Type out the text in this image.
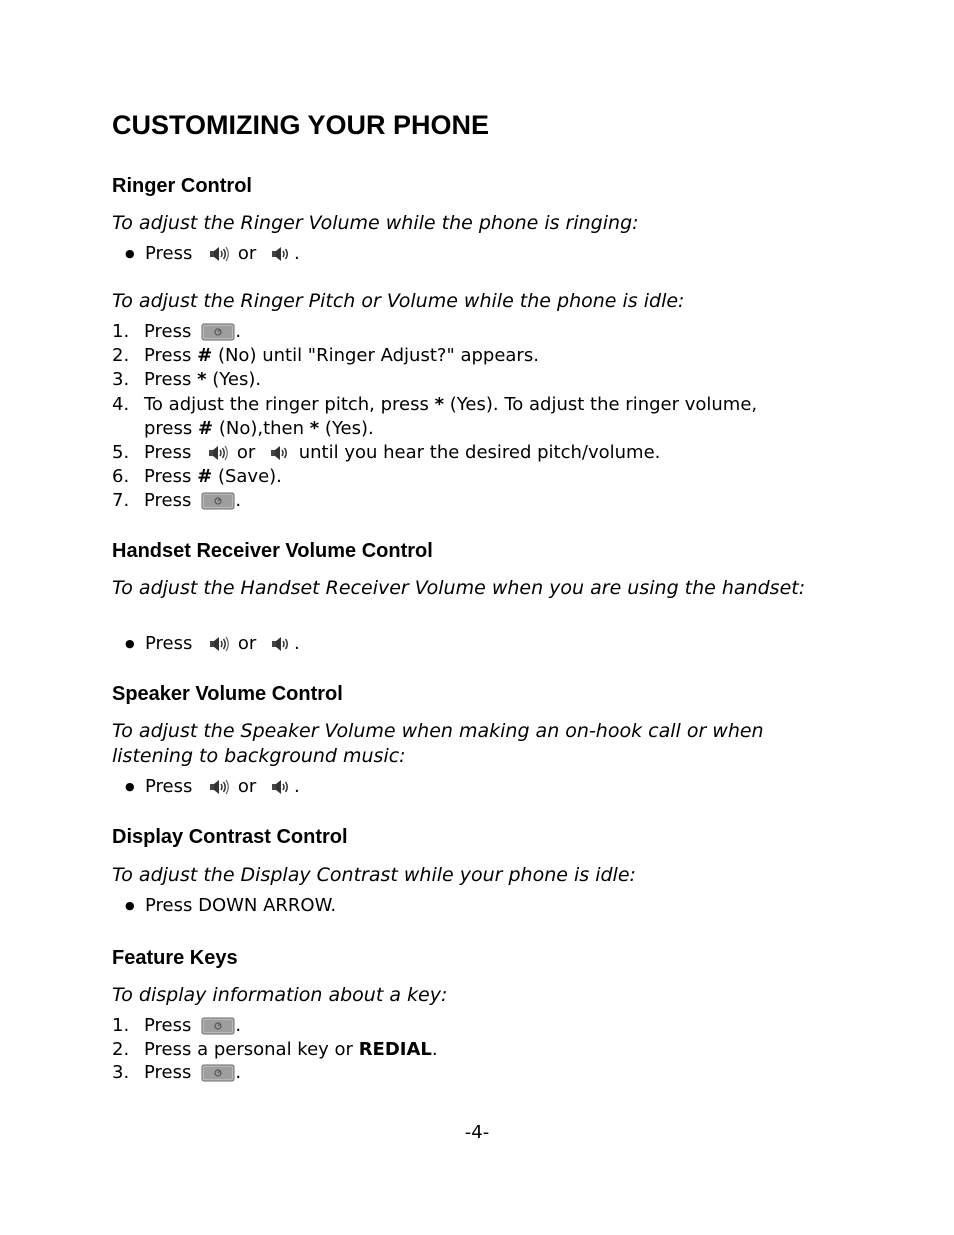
CUSTOMIZING YOUR PHONE
Ringer Control

To adjust the Ringer Volume while the phone is ringing:

● Press	or .

To adjust the Ringer Pitch or Volume while the phone is idle:

1. Press .
2. Press # (No) until "Ringer Adjust?" appears.
3. Press * (Yes).
4. To adjust the ringer pitch, press * (Yes). To adjust the ringer volume,
press # (No),then * (Yes).
5. Press	or until you hear the desired pitch/volume.
6. Press # (Save).
7. Press .
Handset Receiver Volume Control

To adjust the Handset Receiver Volume when you are using the handset:

● Press	or .
Speaker Volume Control

To adjust the Speaker Volume when making an on-hook call or when listening to background music:

● Press	or .
Display Contrast Control

To adjust the Display Contrast while your phone is idle:

● Press DOWN ARROW.
Feature Keys

To display information about a key:

1. Press .
2. Press a personal key or REDIAL.
3. Press .
-4-
